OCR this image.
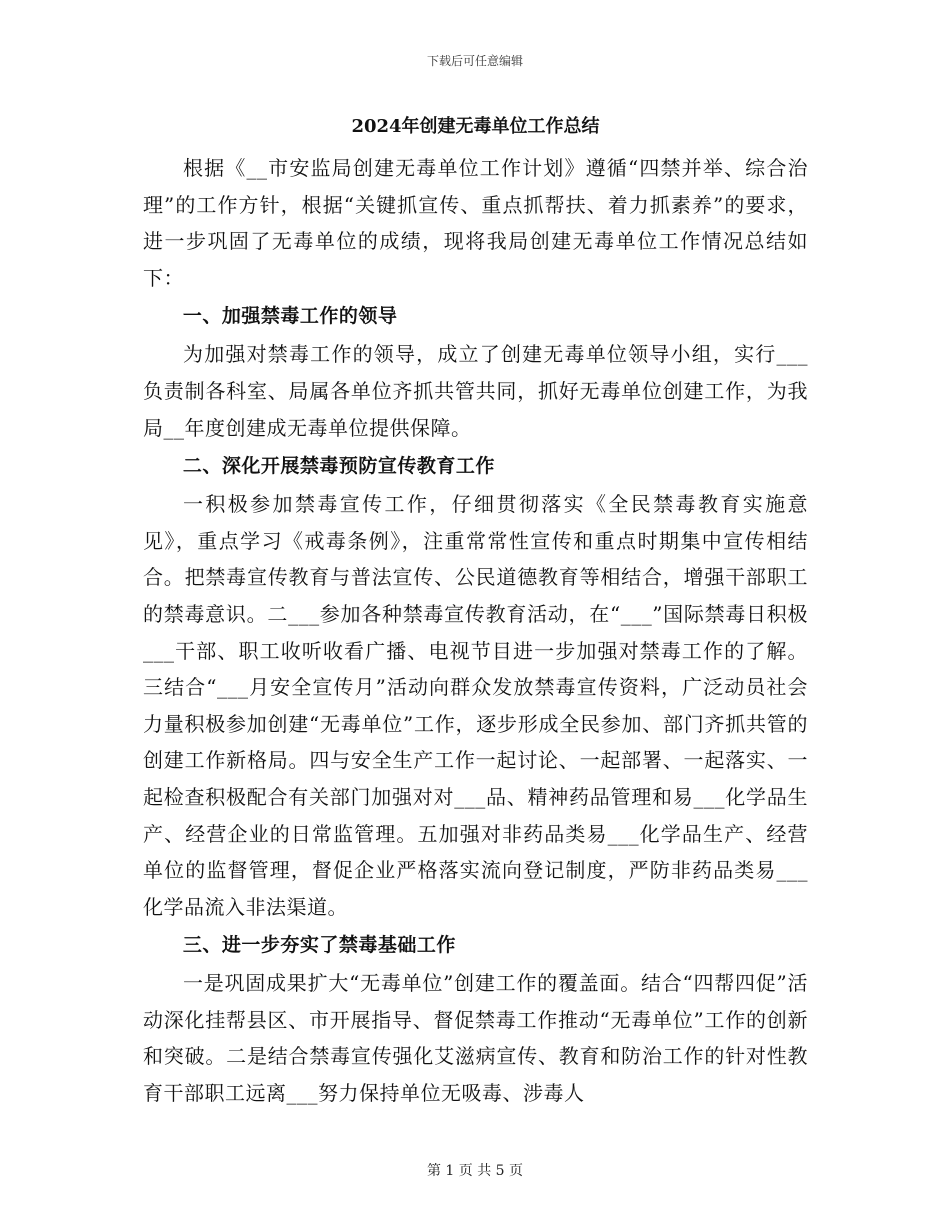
下载后可任意编辑
2024年创建无毒单位工作总结

根据《__市安监局创建无毒单位工作计划》遵循“四禁并举、综合治理”的工作方针，根据“关键抓宣传、重点抓帮扶、着力抓素养”的要求，进一步巩固了无毒单位的成绩，现将我局创建无毒单位工作情况总结如下：

一、加强禁毒工作的领导

为加强对禁毒工作的领导，成立了创建无毒单位领导小组，实行___负责制各科室、局属各单位齐抓共管共同，抓好无毒单位创建工作，为我局__年度创建成无毒单位提供保障。

二、深化开展禁毒预防宣传教育工作

一积极参加禁毒宣传工作，仔细贯彻落实《全民禁毒教育实施意见》，重点学习《戒毒条例》，注重常常性宣传和重点时期集中宣传相结合。把禁毒宣传教育与普法宣传、公民道德教育等相结合，增强干部职工的禁毒意识。二___参加各种禁毒宣传教育活动，在“___”国际禁毒日积极___干部、职工收听收看广播、电视节目进一步加强对禁毒工作的了解。三结合“___月安全宣传月”活动向群众发放禁毒宣传资料，广泛动员社会力量积极参加创建“无毒单位”工作，逐步形成全民参加、部门齐抓共管的创建工作新格局。四与安全生产工作一起讨论、一起部署、一起落实、一起检查积极配合有关部门加强对对___品、精神药品管理和易___化学品生产、经营企业的日常监管理。五加强对非药品类易___化学品生产、经营单位的监督管理，督促企业严格落实流向登记制度，严防非药品类易___化学品流入非法渠道。

三、进一步夯实了禁毒基础工作

一是巩固成果扩大“无毒单位”创建工作的覆盖面。结合“四帮四促”活动深化挂帮县区、市开展指导、督促禁毒工作推动“无毒单位”工作的创新和突破。二是结合禁毒宣传强化艾滋病宣传、教育和防治工作的针对性教育干部职工远离___努力保持单位无吸毒、涉毒人

第 1 页 共 5 页
